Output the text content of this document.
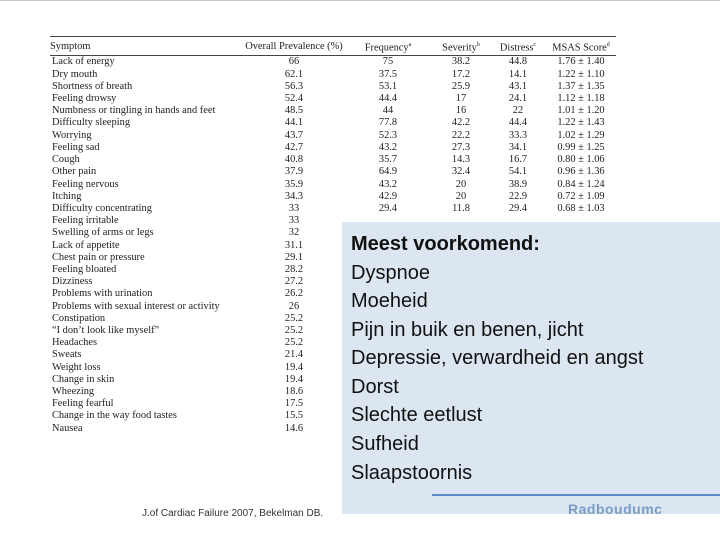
Symptom	Overall Prevalence (%)	Frequency$^a$	Severity$^b$	Distress$^c$	MSAS Score$^d$
Lack of energy	66	75	38.2	44.8	1.76 ± 1.40
Dry mouth	62.1	37.5	17.2	14.1	1.22 ± 1.10
Shortness of breath	56.3	53.1	25.9	43.1	1.37 ± 1.35
Feeling drowsy	52.4	44.4	17	24.1	1.12 ± 1.18
Numbness or tingling in hands and feet	48.5	44	16	22	1.01 ± 1.20
Difficulty sleeping	44.1	77.8	42.2	44.4	1.22 ± 1.43
Worrying	43.7	52.3	22.2	33.3	1.02 ± 1.29
Feeling sad	42.7	43.2	27.3	34.1	0.99 ± 1.25
Cough	40.8	35.7	14.3	16.7	0.80 ± 1.06
Other pain	37.9	64.9	32.4	54.1	0.96 ± 1.36
Feeling nervous	35.9	43.2	20	38.9	0.84 ± 1.24
Itching	34.3	42.9	20	22.9	0.72 ± 1.09
Difficulty concentrating	33	29.4	11.8	29.4	0.68 ± 1.03
Feeling irritable	33				
Swelling of arms or legs	32				
Lack of appetite	31.1				
Chest pain or pressure	29.1				
Feeling bloated	28.2				
Dizziness	27.2				
Problems with urination	26.2				
Problems with sexual interest or activity	26				
Constipation	25.2				
“I don’t look like myself”	25.2				
Headaches	25.2				
Sweats	21.4				
Weight loss	19.4				
Change in skin	19.4				
Wheezing	18.6				
Feeling fearful	17.5				
Change in the way food tastes	15.5				
Nausea	14.6				
Meest voorkomend:
Dyspnoe
Moeheid
Pijn in buik en benen, jicht
Depressie, verwardheid en angst
Dorst
Slechte eetlust
Sufheid
Slaapstoornis
J.of Cardiac Failure 2007, Bekelman DB.	Radboudumc
